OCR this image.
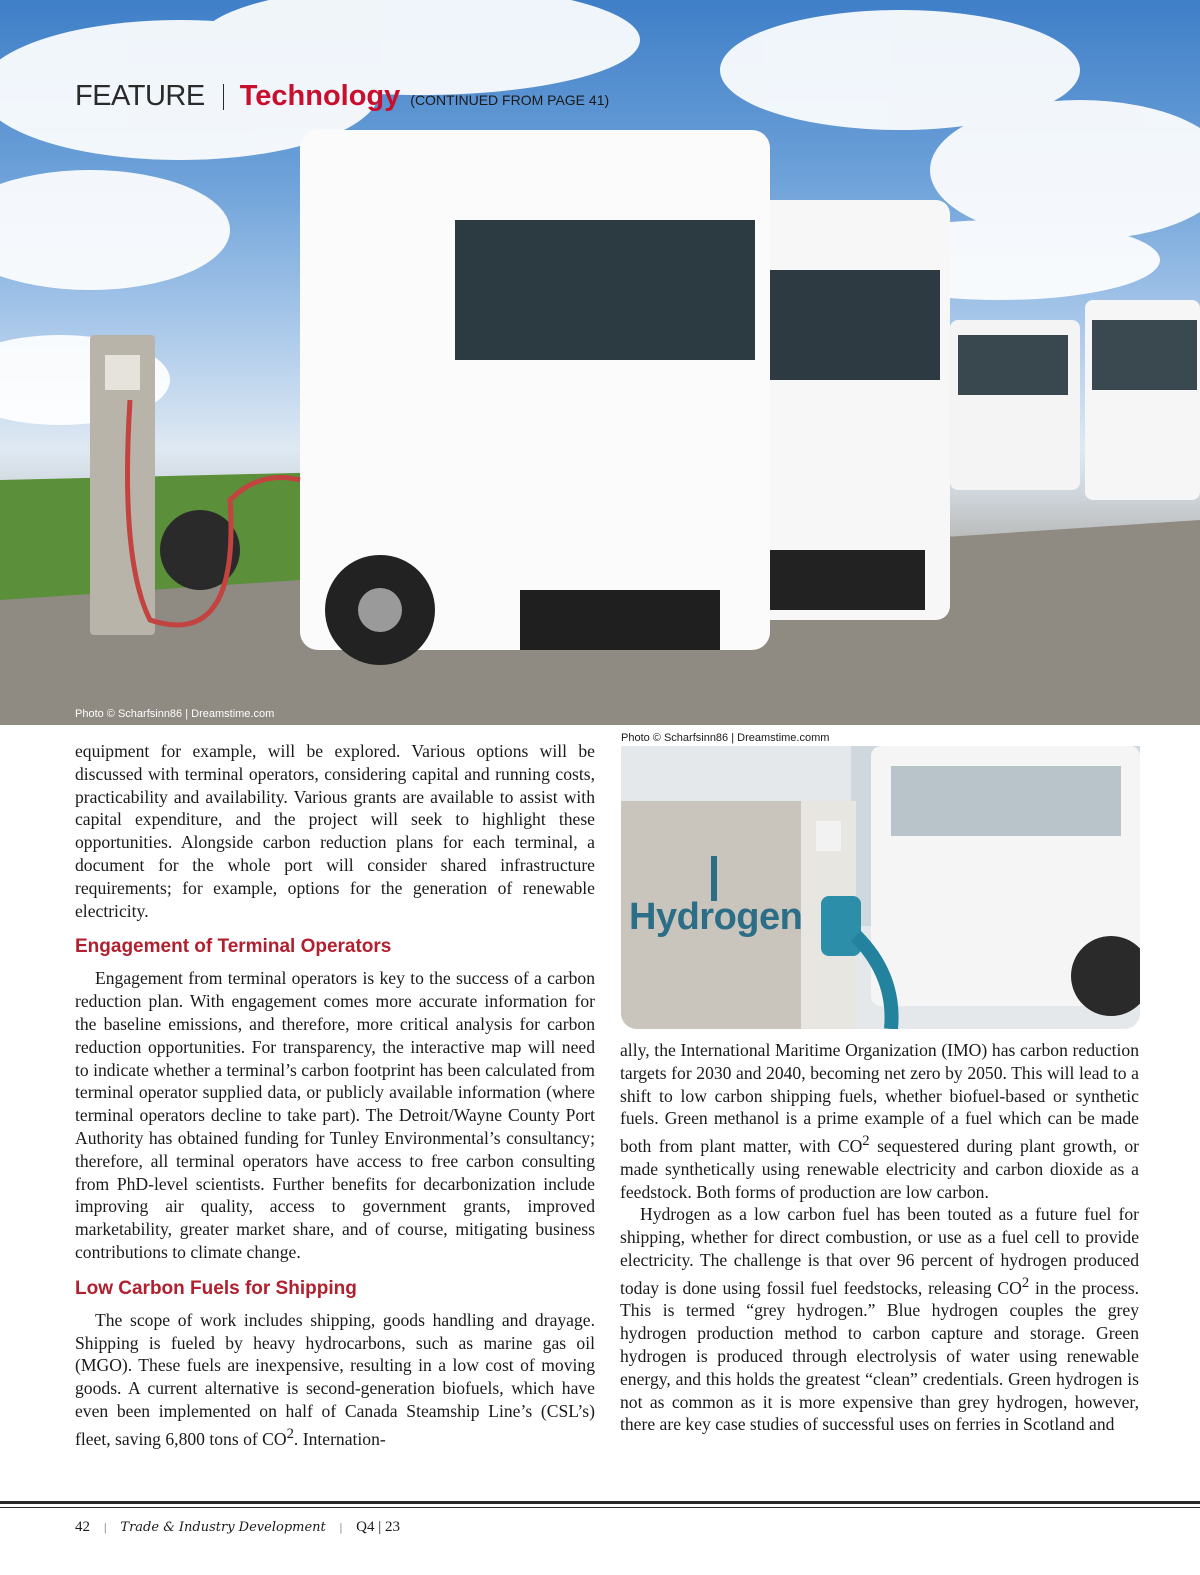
FEATURE Technology (CONTINUED FROM PAGE 41)
Photo © Scharfsinn86 | Dreamstime.com
Photo © Scharfsinn86 | Dreamstime.comm
Hydrogen

equipment for example, will be explored. Various options will be discussed with terminal operators, considering capital and running costs, practicability and availability. Various grants are available to assist with capital expenditure, and the project will seek to highlight these opportunities. Alongside carbon reduction plans for each terminal, a document for the whole port will consider shared infrastructure requirements; for example, options for the generation of renewable electricity.

Engagement of Terminal Operators

Engagement from terminal operators is key to the success of a carbon reduction plan. With engagement comes more accurate information for the baseline emissions, and therefore, more critical analysis for carbon reduction opportunities. For transparency, the interactive map will need to indicate whether a terminal’s carbon footprint has been calculated from terminal operator supplied data, or publicly available information (where terminal operators decline to take part). The Detroit/Wayne County Port Authority has obtained funding for Tunley Environmental’s consultancy; therefore, all terminal operators have access to free carbon consulting from PhD-level scientists. Further benefits for decarbonization include improving air quality, access to government grants, improved marketability, greater market share, and of course, mitigating business contributions to climate change.

Low Carbon Fuels for Shipping

The scope of work includes shipping, goods handling and drayage. Shipping is fueled by heavy hydrocarbons, such as marine gas oil (MGO). These fuels are inexpensive, resulting in a low cost of moving goods. A current alternative is second-generation biofuels, which have even been implemented on half of Canada Steamship Line’s (CSL’s) fleet, saving 6,800 tons of $CO^2$. Internation-

ally, the International Maritime Organization (IMO) has carbon reduction targets for 2030 and 2040, becoming net zero by 2050. This will lead to a shift to low carbon shipping fuels, whether biofuel-based or synthetic fuels. Green methanol is a prime example of a fuel which can be made both from plant matter, with $CO^2$ sequestered during plant growth, or made synthetically using renewable electricity and carbon dioxide as a feedstock. Both forms of production are low carbon.

Hydrogen as a low carbon fuel has been touted as a future fuel for shipping, whether for direct combustion, or use as a fuel cell to provide electricity. The challenge is that over 96 percent of hydrogen produced today is done using fossil fuel feedstocks, releasing $CO^2$ in the process. This is termed “grey hydrogen.” Blue hydrogen couples the grey hydrogen production method to carbon capture and storage. Green hydrogen is produced through electrolysis of water using renewable energy, and this holds the greatest “clean” credentials. Green hydrogen is not as common as it is more expensive than grey hydrogen, however, there are key case studies of successful uses on ferries in Scotland and

42 | Trade & Industry Development | Q4 | 23
